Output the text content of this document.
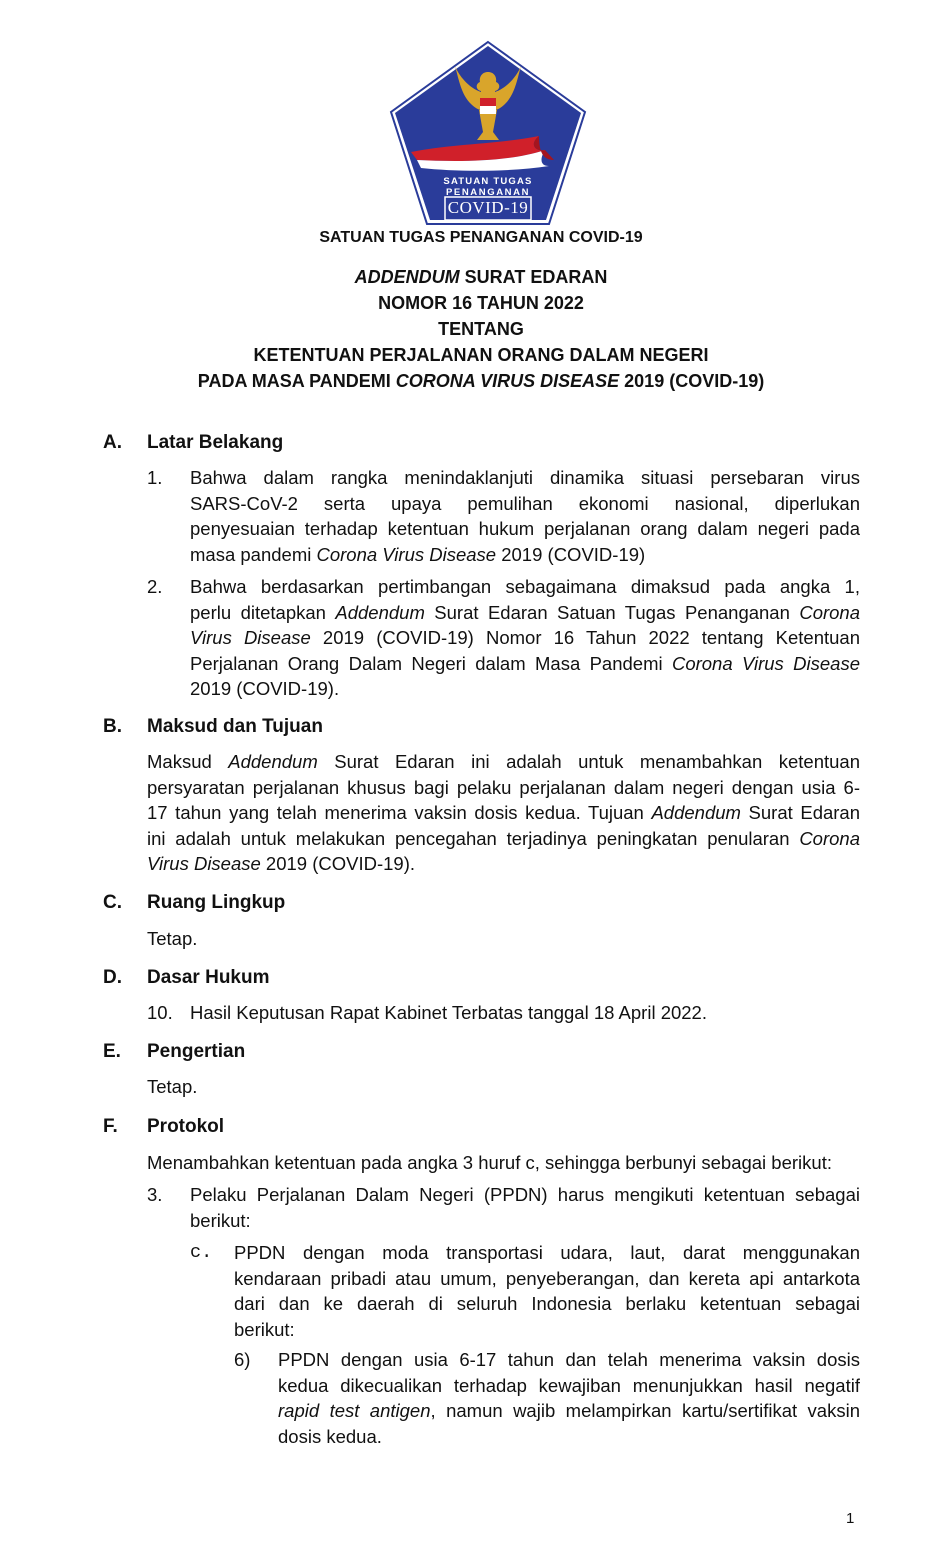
SATUAN TUGAS
PENANGANAN
COVID-19
SATUAN TUGAS PENANGANAN COVID-19
ADDENDUM SURAT EDARAN
NOMOR 16 TAHUN 2022
TENTANG
KETENTUAN PERJALANAN ORANG DALAM NEGERI
PADA MASA PANDEMI CORONA VIRUS DISEASE 2019 (COVID-19)
A. Latar Belakang
1. Bahwa dalam rangka menindaklanjuti dinamika situasi persebaran virus
SARS-CoV-2 serta upaya pemulihan ekonomi nasional, diperlukan
penyesuaian terhadap ketentuan hukum perjalanan orang dalam negeri pada
masa pandemi Corona Virus Disease 2019 (COVID-19)
2. Bahwa berdasarkan pertimbangan sebagaimana dimaksud pada angka 1,
perlu ditetapkan Addendum Surat Edaran Satuan Tugas Penanganan Corona
Virus Disease 2019 (COVID-19) Nomor 16 Tahun 2022 tentang Ketentuan
Perjalanan Orang Dalam Negeri dalam Masa Pandemi Corona Virus Disease
2019 (COVID-19).
B. Maksud dan Tujuan
Maksud Addendum Surat Edaran ini adalah untuk menambahkan ketentuan
persyaratan perjalanan khusus bagi pelaku perjalanan dalam negeri dengan usia 6-
17 tahun yang telah menerima vaksin dosis kedua. Tujuan Addendum Surat Edaran
ini adalah untuk melakukan pencegahan terjadinya peningkatan penularan Corona
Virus Disease 2019 (COVID-19).
C. Ruang Lingkup
Tetap.
D. Dasar Hukum
10. Hasil Keputusan Rapat Kabinet Terbatas tanggal 18 April 2022.
E. Pengertian
Tetap.
F. Protokol
Menambahkan ketentuan pada angka 3 huruf c, sehingga berbunyi sebagai berikut:
3. Pelaku Perjalanan Dalam Negeri (PPDN) harus mengikuti ketentuan sebagai
berikut:
c. PPDN dengan moda transportasi udara, laut, darat menggunakan
kendaraan pribadi atau umum, penyeberangan, dan kereta api antarkota
dari dan ke daerah di seluruh Indonesia berlaku ketentuan sebagai
berikut:
6) PPDN dengan usia 6-17 tahun dan telah menerima vaksin dosis
kedua dikecualikan terhadap kewajiban menunjukkan hasil negatif
rapid test antigen, namun wajib melampirkan kartu/sertifikat vaksin
dosis kedua.
1
